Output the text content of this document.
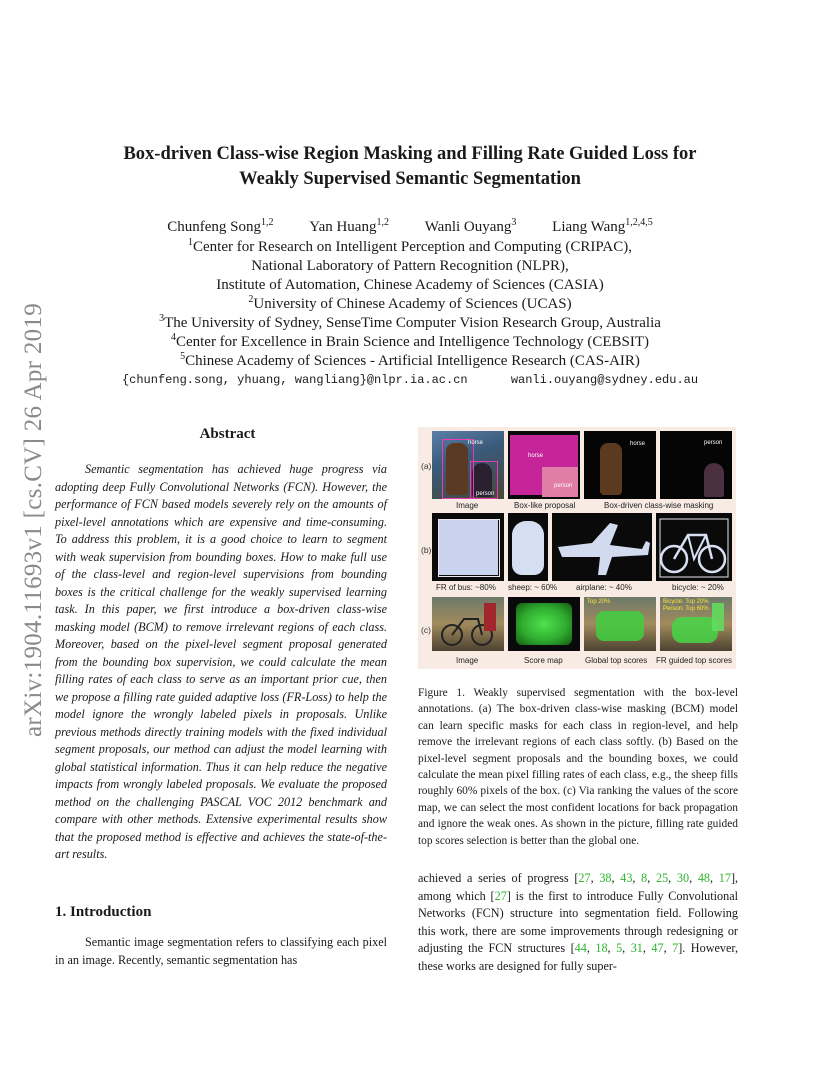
arXiv:1904.11693v1 [cs.CV] 26 Apr 2019
Box-driven Class-wise Region Masking and Filling Rate Guided Loss for
Weakly Supervised Semantic Segmentation
Chunfeng Song$^{1,2}$ Yan Huang$^{1,2}$ Wanli Ouyang$^3$ Liang Wang$^{1,2,4,5}$
$^1$Center for Research on Intelligent Perception and Computing (CRIPAC),
National Laboratory of Pattern Recognition (NLPR),
Institute of Automation, Chinese Academy of Sciences (CASIA)
$^2$University of Chinese Academy of Sciences (UCAS)
$^3$The University of Sydney, SenseTime Computer Vision Research Group, Australia
$^4$Center for Excellence in Brain Science and Intelligence Technology (CEBSIT)
$^5$Chinese Academy of Sciences - Artificial Intelligence Research (CAS-AIR)
{chunfeng.song, yhuang, wangliang}@nlpr.ia.ac.cn	wanli.ouyang@sydney.edu.au
Abstract

Semantic segmentation has achieved huge progress via adopting deep Fully Convolutional Networks (FCN). However, the performance of FCN based models severely rely on the amounts of pixel-level annotations which are expensive and time-consuming. To address this problem, it is a good choice to learn to segment with weak supervision from bounding boxes. How to make full use of the class-level and region-level supervisions from bounding boxes is the critical challenge for the weakly supervised learning task. In this paper, we first introduce a box-driven class-wise masking model (BCM) to remove irrelevant regions of each class. Moreover, based on the pixel-level segment proposal generated from the bounding box supervision, we could calculate the mean filling rates of each class to serve as an important prior cue, then we propose a filling rate guided adaptive loss (FR-Loss) to help the model ignore the wrongly labeled pixels in proposals. Unlike previous methods directly training models with the fixed individual segment proposals, our method can adjust the model learning with global statistical information. Thus it can help reduce the negative impacts from wrongly labeled proposals. We evaluate the proposed method on the challenging PASCAL VOC 2012 benchmark and compare with other methods. Extensive experimental results show that the proposed method is effective and achieves the state-of-the-art results.

1. Introduction

Semantic image segmentation refers to classifying each pixel in an image. Recently, semantic segmentation has

(a)
horse
person
horse
person
horse	person
Image	Box-like proposal	Box-driven class-wise masking
(b)
FR of bus: ~80% sheep: ~ 60% airplane: ~ 40%	bicycle: ~ 20%
(c)
Top 20%	Bicycle: Top 20%
Person: Top 60%
Image	Score map	Global top scores FR guided top scores

Figure 1. Weakly supervised segmentation with the box-level annotations. (a) The box-driven class-wise masking (BCM) model can learn specific masks for each class in region-level, and help remove the irrelevant regions of each class softly. (b) Based on the pixel-level segment proposals and the bounding boxes, we could calculate the mean pixel filling rates of each class, e.g., the sheep fills roughly 60% pixels of the box. (c) Via ranking the values of the score map, we can select the most confident locations for back propagation and ignore the weak ones. As shown in the picture, filling rate guided top scores selection is better than the global one.

achieved a series of progress [27, 38, 43, 8, 25, 30, 48, 17], among which [27] is the first to introduce Fully Convolutional Networks (FCN) structure into segmentation field. Following this work, there are some improvements through redesigning or adjusting the FCN structures [44, 18, 5, 31, 47, 7]. However, these works are designed for fully super-
